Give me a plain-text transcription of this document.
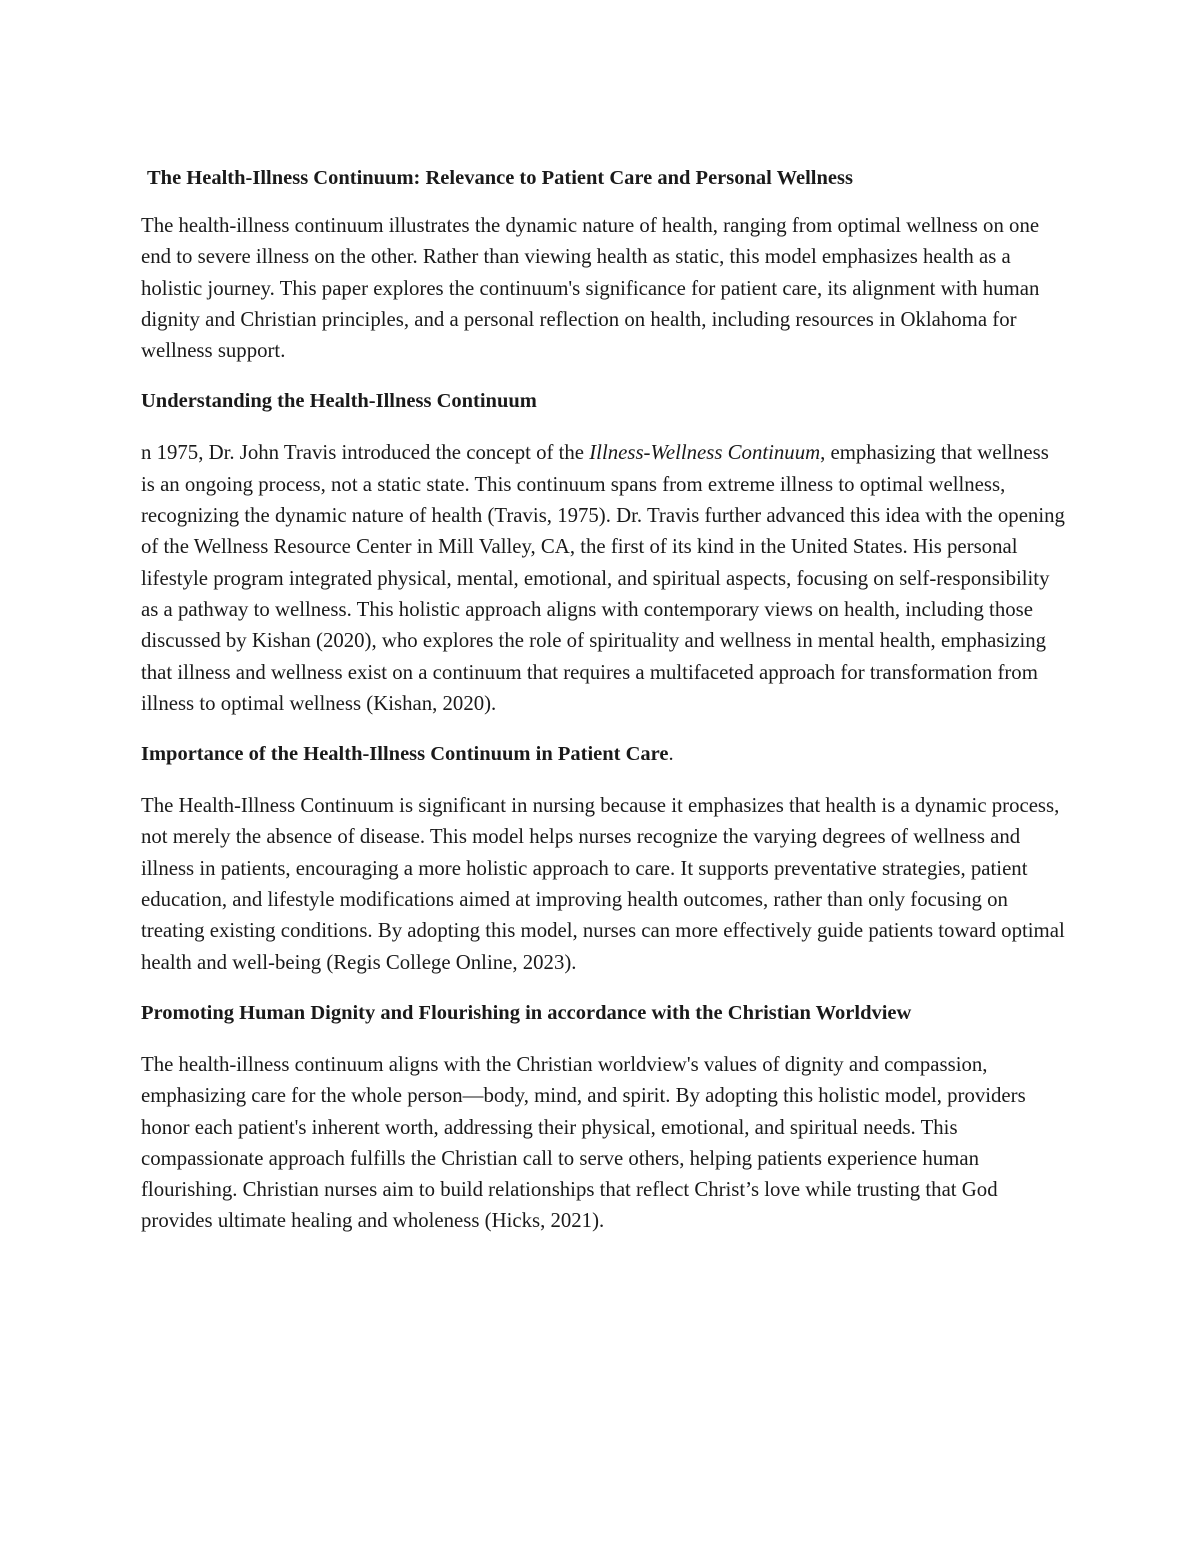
The Health-Illness Continuum: Relevance to Patient Care and Personal Wellness

The health-illness continuum illustrates the dynamic nature of health, ranging from optimal wellness on one end to severe illness on the other. Rather than viewing health as static, this model emphasizes health as a holistic journey. This paper explores the continuum's significance for patient care, its alignment with human dignity and Christian principles, and a personal reflection on health, including resources in Oklahoma for wellness support.

Understanding the Health-Illness Continuum

n 1975, Dr. John Travis introduced the concept of the Illness-Wellness Continuum, emphasizing that wellness is an ongoing process, not a static state. This continuum spans from extreme illness to optimal wellness, recognizing the dynamic nature of health (Travis, 1975). Dr. Travis further advanced this idea with the opening of the Wellness Resource Center in Mill Valley, CA, the first of its kind in the United States. His personal lifestyle program integrated physical, mental, emotional, and spiritual aspects, focusing on self-responsibility as a pathway to wellness. This holistic approach aligns with contemporary views on health, including those discussed by Kishan (2020), who explores the role of spirituality and wellness in mental health, emphasizing that illness and wellness exist on a continuum that requires a multifaceted approach for transformation from illness to optimal wellness (Kishan, 2020).

Importance of the Health-Illness Continuum in Patient Care.

The Health-Illness Continuum is significant in nursing because it emphasizes that health is a dynamic process, not merely the absence of disease. This model helps nurses recognize the varying degrees of wellness and illness in patients, encouraging a more holistic approach to care. It supports preventative strategies, patient education, and lifestyle modifications aimed at improving health outcomes, rather than only focusing on treating existing conditions. By adopting this model, nurses can more effectively guide patients toward optimal health and well-being (Regis College Online, 2023).

Promoting Human Dignity and Flourishing in accordance with the Christian Worldview

The health-illness continuum aligns with the Christian worldview's values of dignity and compassion, emphasizing care for the whole person—body, mind, and spirit. By adopting this holistic model, providers honor each patient's inherent worth, addressing their physical, emotional, and spiritual needs. This compassionate approach fulfills the Christian call to serve others, helping patients experience human flourishing. Christian nurses aim to build relationships that reflect Christ’s love while trusting that God provides ultimate healing and wholeness (Hicks, 2021).
